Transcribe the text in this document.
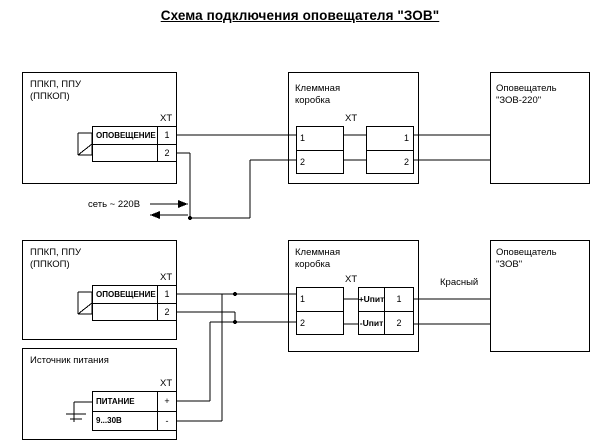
Схема подключения оповещателя "ЗОВ"
ППКП, ППУ
(ППКОП)
XT
ОПОВЕЩЕНИЕ 1
2
Клеммная
коробка
XT
1
2
1
2
Оповещатель
"ЗОВ-220"
сеть ~ 220В
ППКП, ППУ
(ППКОП)
XT
ОПОВЕЩЕНИЕ 1
2
Клеммная
коробка
XT
1
2
+Uпит	1
-Uпит	2
Оповещатель
"ЗОВ"
Красный
Источник питания
XT
ПИТАНИЕ	+
9...30В	-
